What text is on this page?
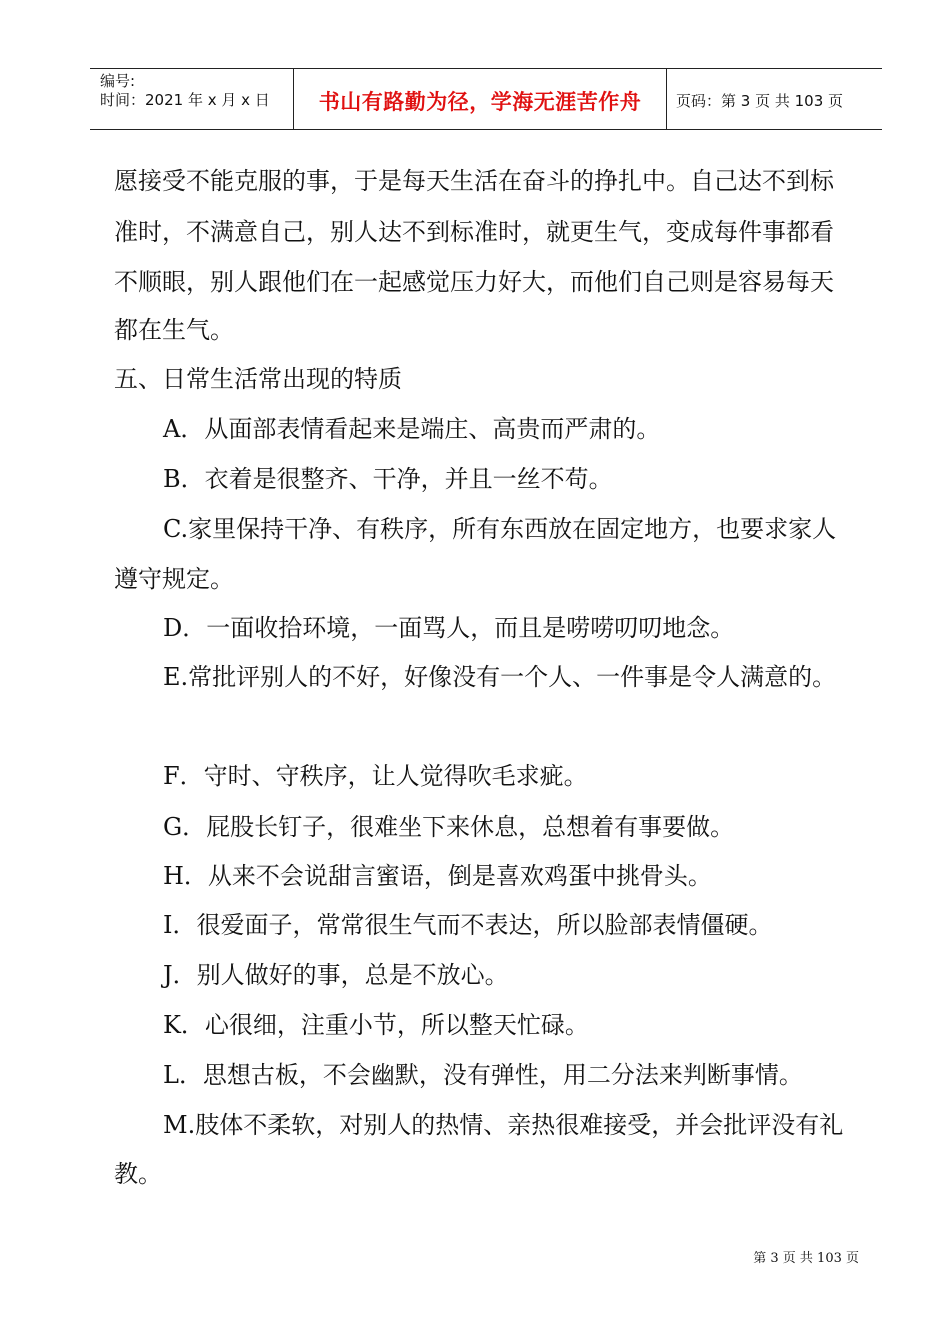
编号:
时间：2021 年 x 月 x 日	书山有路勤为径，学海无涯苦作舟	页码：第 3 页 共 103 页
愿接受不能克服的事，于是每天生活在奋斗的挣扎中。自己达不到标
准时，不满意自己，别人达不到标准时，就更生气，变成每件事都看
不顺眼，别人跟他们在一起感觉压力好大，而他们自己则是容易每天
都在生气。
五、日常生活常出现的特质
A．从面部表情看起来是端庄、高贵而严肃的。
B．衣着是很整齐、干净，并且一丝不苟。
C.家里保持干净、有秩序，所有东西放在固定地方，也要求家人
遵守规定。
D．一面收拾环境，一面骂人，而且是唠唠叨叨地念。
E.常批评别人的不好，好像没有一个人、一件事是令人满意的。
F．守时、守秩序，让人觉得吹毛求疵。
G．屁股长钉子，很难坐下来休息，总想着有事要做。
H．从来不会说甜言蜜语，倒是喜欢鸡蛋中挑骨头。
I．很爱面子，常常很生气而不表达，所以脸部表情僵硬。
J．别人做好的事，总是不放心。
K．心很细，注重小节，所以整天忙碌。
L．思想古板，不会幽默，没有弹性，用二分法来判断事情。
M.肢体不柔软，对别人的热情、亲热很难接受，并会批评没有礼
教。
第 3 页 共 103 页
